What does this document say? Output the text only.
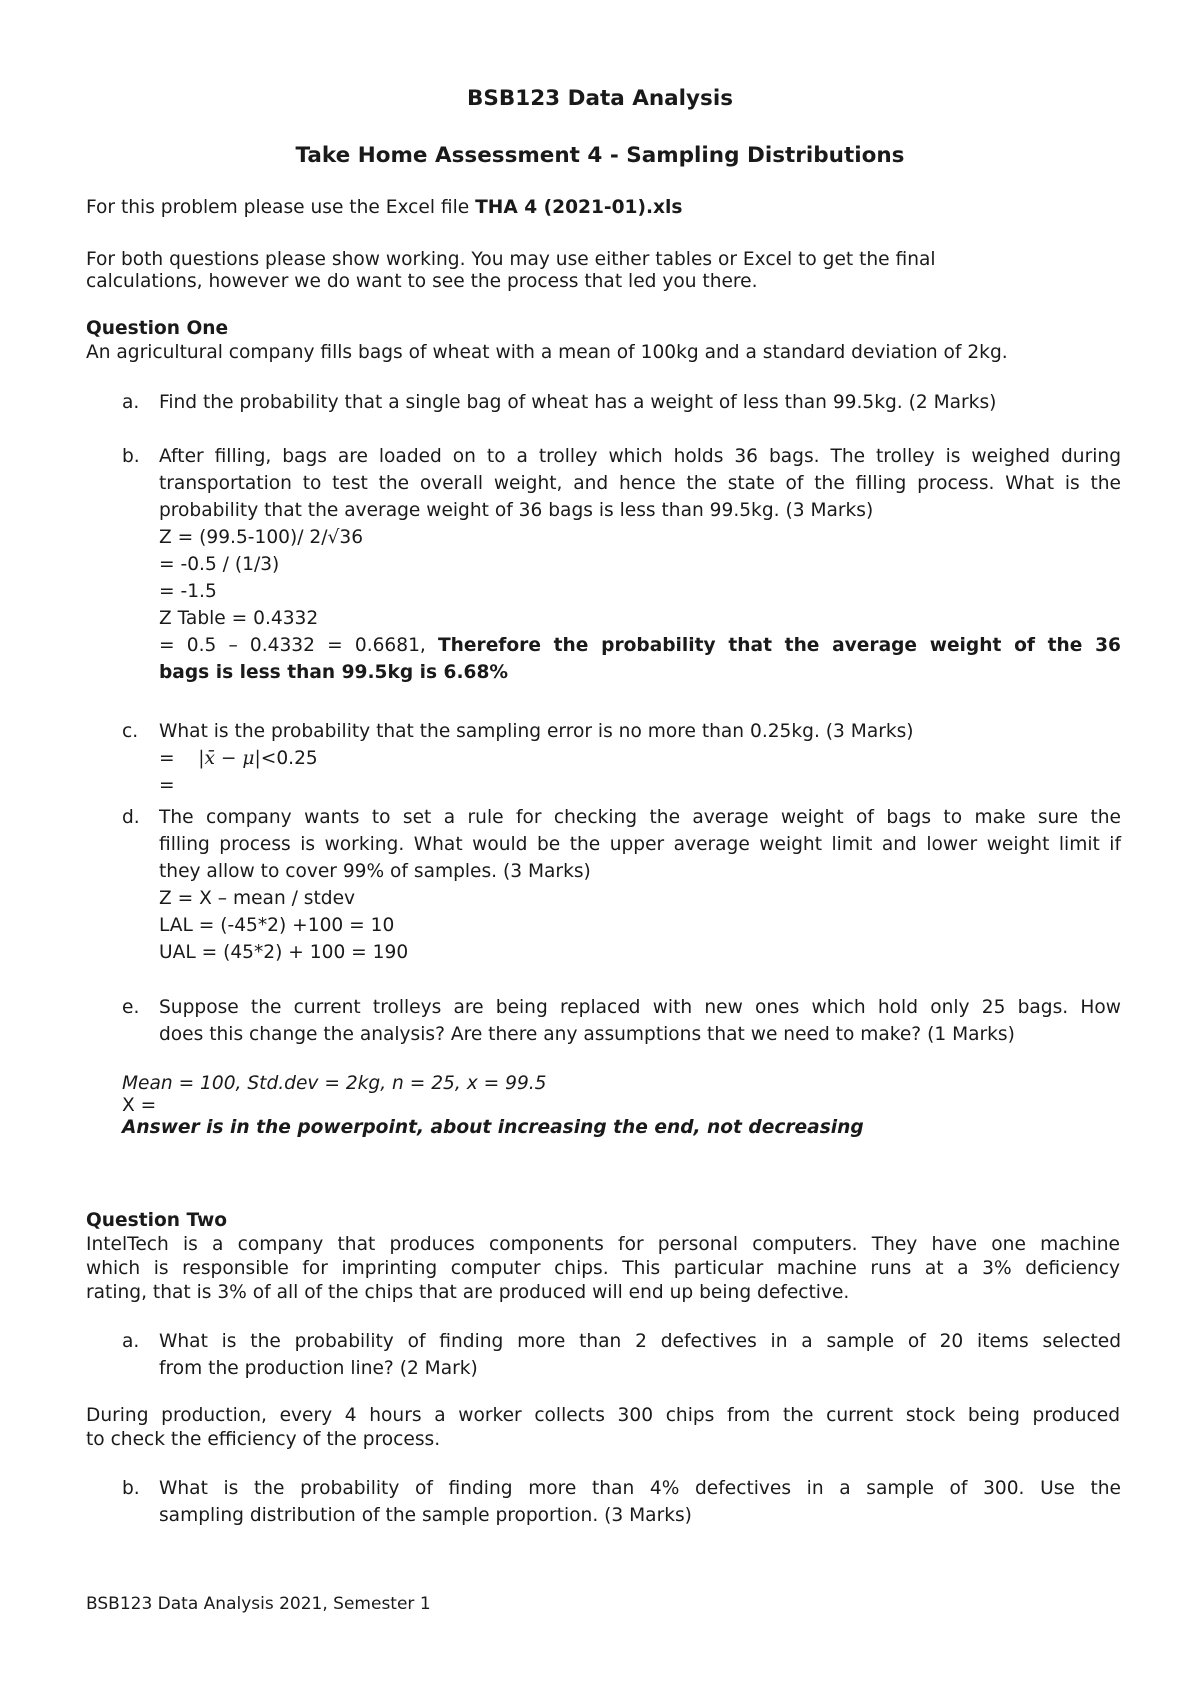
BSB123 Data Analysis
Take Home Assessment 4 - Sampling Distributions
For this problem please use the Excel file THA 4 (2021-01).xls
For both questions please show working. You may use either tables or Excel to get the final
calculations, however we do want to see the process that led you there.
Question One
An agricultural company fills bags of wheat with a mean of 100kg and a standard deviation of 2kg.
a. Find the probability that a single bag of wheat has a weight of less than 99.5kg. (2 Marks)
b. After filling, bags are loaded on to a trolley which holds 36 bags. The trolley is weighed during
transportation to test the overall weight, and hence the state of the filling process. What is the
probability that the average weight of 36 bags is less than 99.5kg. (3 Marks)
Z = (99.5-100)/ 2/√36
= -0.5 / (1/3)
= -1.5
Z Table = 0.4332
= 0.5 – 0.4332 = 0.6681, Therefore the probability that the average weight of the 36
bags is less than 99.5kg is 6.68%
c. What is the probability that the sampling error is no more than 0.25kg. (3 Marks)
= |x̄ − μ|<0.25
=
d. The company wants to set a rule for checking the average weight of bags to make sure the
filling process is working. What would be the upper average weight limit and lower weight limit if
they allow to cover 99% of samples. (3 Marks)
Z = X – mean / stdev
LAL = (-45*2) +100 = 10
UAL = (45*2) + 100 = 190
e. Suppose the current trolleys are being replaced with new ones which hold only 25 bags. How
does this change the analysis? Are there any assumptions that we need to make? (1 Marks)
Mean = 100, Std.dev = 2kg, n = 25, x = 99.5
X =
Answer is in the powerpoint, about increasing the end, not decreasing
Question Two
IntelTech is a company that produces components for personal computers. They have one machine
which is responsible for imprinting computer chips. This particular machine runs at a 3% deficiency
rating, that is 3% of all of the chips that are produced will end up being defective.
a. What is the probability of finding more than 2 defectives in a sample of 20 items selected
from the production line? (2 Mark)
During production, every 4 hours a worker collects 300 chips from the current stock being produced
to check the efficiency of the process.
b. What is the probability of finding more than 4% defectives in a sample of 300. Use the
sampling distribution of the sample proportion. (3 Marks)
BSB123 Data Analysis 2021, Semester 1
